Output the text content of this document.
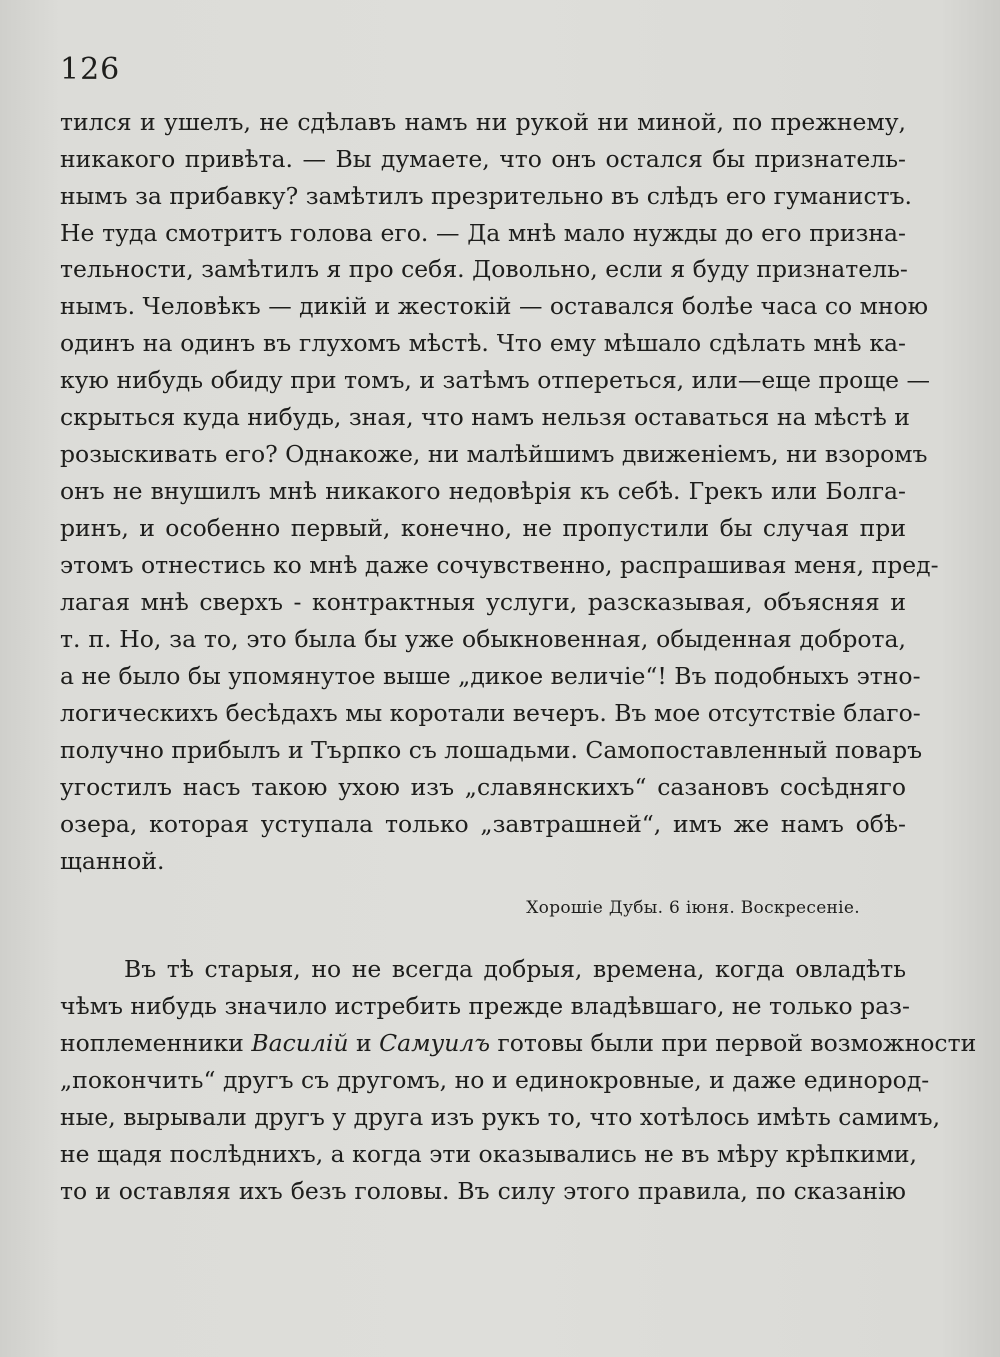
126
тился и ушелъ, не сдѣлавъ намъ ни рукой ни миной, по прежнему,
никакого привѣта. — Вы думаете, что онъ остался бы признатель-
нымъ за прибавку? замѣтилъ презрительно въ слѣдъ его гуманистъ.
Не туда смотритъ голова его. — Да мнѣ мало нужды до его призна-
тельности, замѣтилъ я про себя. Довольно, если я буду признатель-
нымъ. Человѣкъ — дикій и жестокій — оставался болѣе часа со мною
одинъ на одинъ въ глухомъ мѣстѣ. Что ему мѣшало сдѣлать мнѣ ка-
кую нибудь обиду при томъ, и затѣмъ отпереться, или—еще проще —
скрыться куда нибудь, зная, что намъ нельзя оставаться на мѣстѣ и
розыскивать его? Однакоже, ни малѣйшимъ движеніемъ, ни взоромъ
онъ не внушилъ мнѣ никакого недовѣрія къ себѣ. Грекъ или Болга-
ринъ, и особенно первый, конечно, не пропустили бы случая при
этомъ отнестись ко мнѣ даже сочувственно, распрашивая меня, пред-
лагая мнѣ сверхъ - контрактныя услуги, разсказывая, объясняя и
т. п. Но, за то, это была бы уже обыкновенная, обыденная доброта,
а не было бы упомянутое выше „дикое величіе“! Въ подобныхъ этно-
логическихъ бесѣдахъ мы коротали вечеръ. Въ мое отсутствіе благо-
получно прибылъ и Търпко съ лошадьми. Самопоставленный поваръ
угостилъ насъ такою ухою изъ „славянскихъ“ сазановъ сосѣдняго
озера, которая уступала только „завтрашней“, имъ же намъ обѣ-
щанной.
Хорошіе Дубы. 6 іюня. Воскресеніе.
Въ тѣ старыя, но не всегда добрыя, времена, когда овладѣть
чѣмъ нибудь значило истребить прежде владѣвшаго, не только раз-
ноплеменники Василій и Самуилъ готовы были при первой возможности
„покончить“ другъ съ другомъ, но и единокровные, и даже единород-
ные, вырывали другъ у друга изъ рукъ то, что хотѣлось имѣть самимъ,
не щадя послѣднихъ, а когда эти оказывались не въ мѣру крѣпкими,
то и оставляя ихъ безъ головы. Въ силу этого правила, по сказанію
